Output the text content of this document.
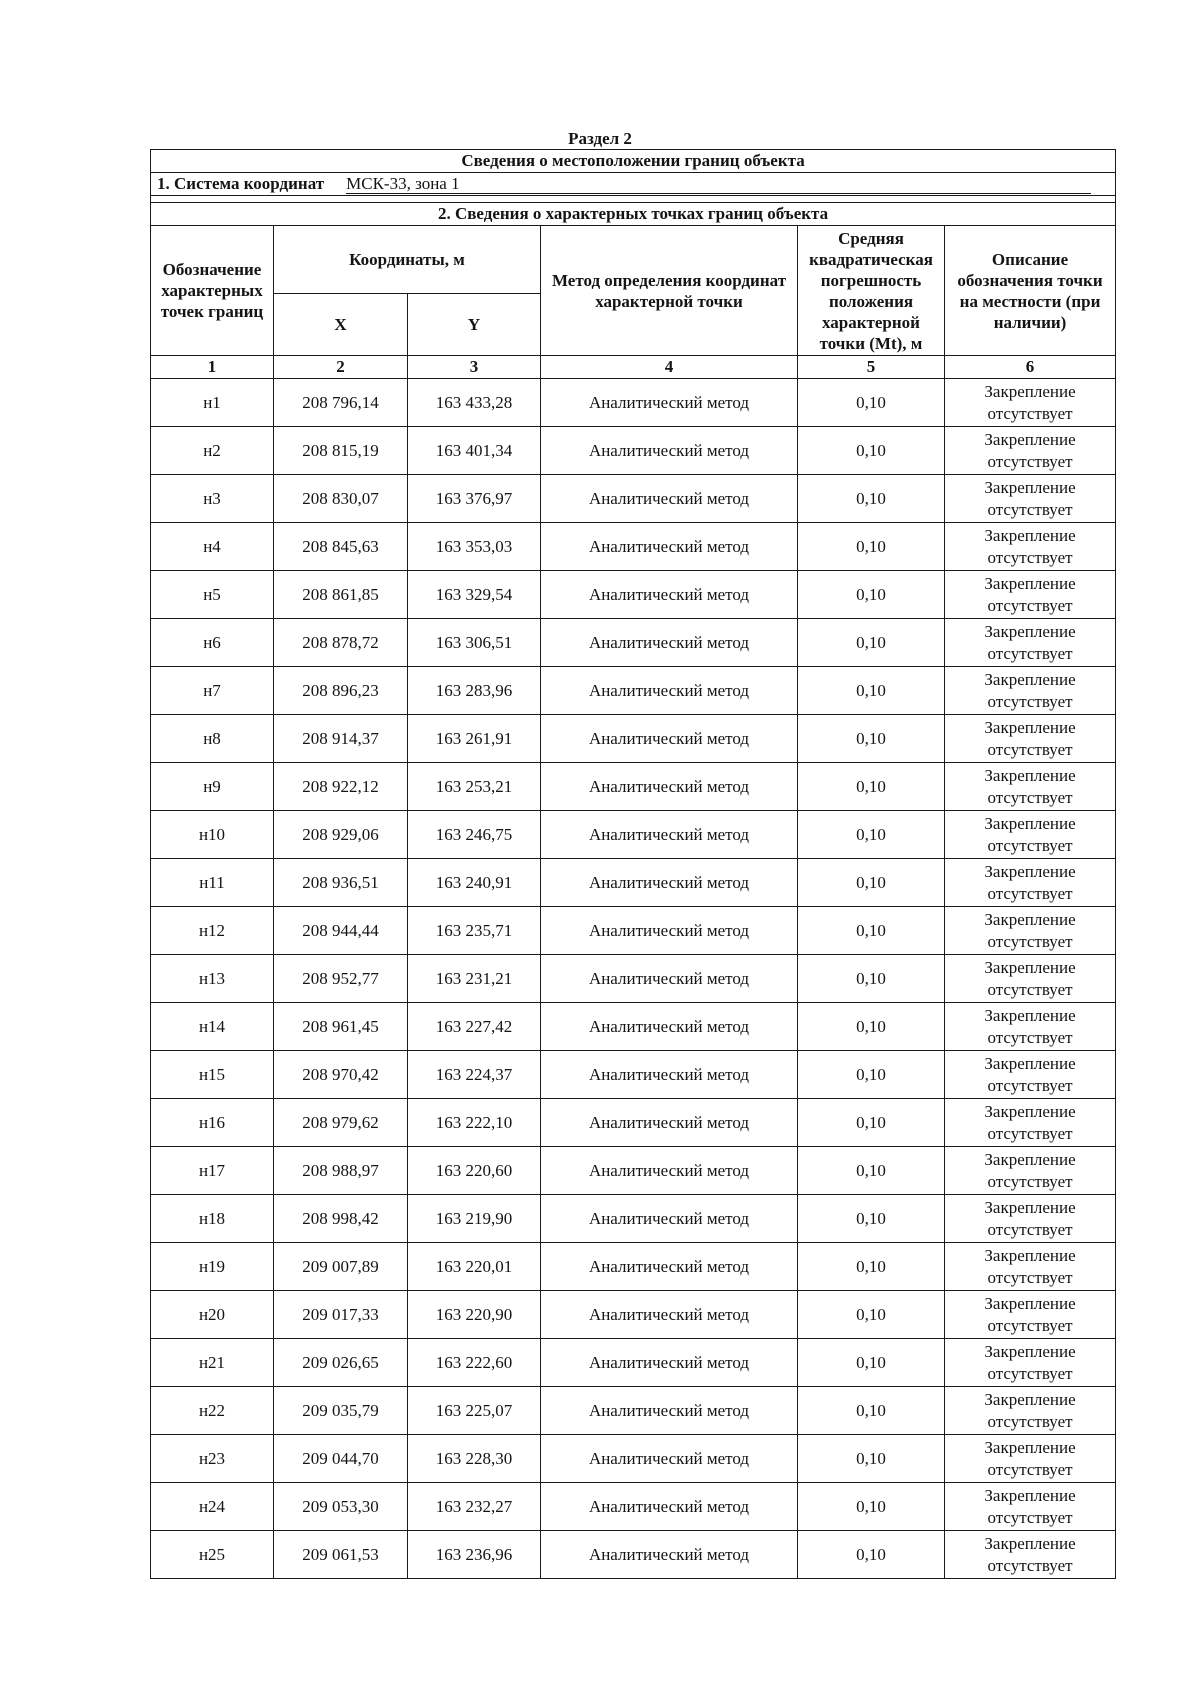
Раздел 2
Сведения о местоположении границ объекта					
1. Система координат МСК-33, зона 1					

2. Сведения о характерных точках границ объекта					
Обозначение характерных точек границ	Координаты, м		Метод определения координат характерной точки	Средняя квадратическая погрешность положения характерной точки (Mt), м	Описание обозначения точки на местности (при наличии)
	X	Y			
1	2	3	4	5	6
н1	208 796,14	163 433,28	Аналитический метод	0,10	Закрепление отсутствует
н2	208 815,19	163 401,34	Аналитический метод	0,10	Закрепление отсутствует
н3	208 830,07	163 376,97	Аналитический метод	0,10	Закрепление отсутствует
н4	208 845,63	163 353,03	Аналитический метод	0,10	Закрепление отсутствует
н5	208 861,85	163 329,54	Аналитический метод	0,10	Закрепление отсутствует
н6	208 878,72	163 306,51	Аналитический метод	0,10	Закрепление отсутствует
н7	208 896,23	163 283,96	Аналитический метод	0,10	Закрепление отсутствует
н8	208 914,37	163 261,91	Аналитический метод	0,10	Закрепление отсутствует
н9	208 922,12	163 253,21	Аналитический метод	0,10	Закрепление отсутствует
н10	208 929,06	163 246,75	Аналитический метод	0,10	Закрепление отсутствует
н11	208 936,51	163 240,91	Аналитический метод	0,10	Закрепление отсутствует
н12	208 944,44	163 235,71	Аналитический метод	0,10	Закрепление отсутствует
н13	208 952,77	163 231,21	Аналитический метод	0,10	Закрепление отсутствует
н14	208 961,45	163 227,42	Аналитический метод	0,10	Закрепление отсутствует
н15	208 970,42	163 224,37	Аналитический метод	0,10	Закрепление отсутствует
н16	208 979,62	163 222,10	Аналитический метод	0,10	Закрепление отсутствует
н17	208 988,97	163 220,60	Аналитический метод	0,10	Закрепление отсутствует
н18	208 998,42	163 219,90	Аналитический метод	0,10	Закрепление отсутствует
н19	209 007,89	163 220,01	Аналитический метод	0,10	Закрепление отсутствует
н20	209 017,33	163 220,90	Аналитический метод	0,10	Закрепление отсутствует
н21	209 026,65	163 222,60	Аналитический метод	0,10	Закрепление отсутствует
н22	209 035,79	163 225,07	Аналитический метод	0,10	Закрепление отсутствует
н23	209 044,70	163 228,30	Аналитический метод	0,10	Закрепление отсутствует
н24	209 053,30	163 232,27	Аналитический метод	0,10	Закрепление отсутствует
н25	209 061,53	163 236,96	Аналитический метод	0,10	Закрепление отсутствует
